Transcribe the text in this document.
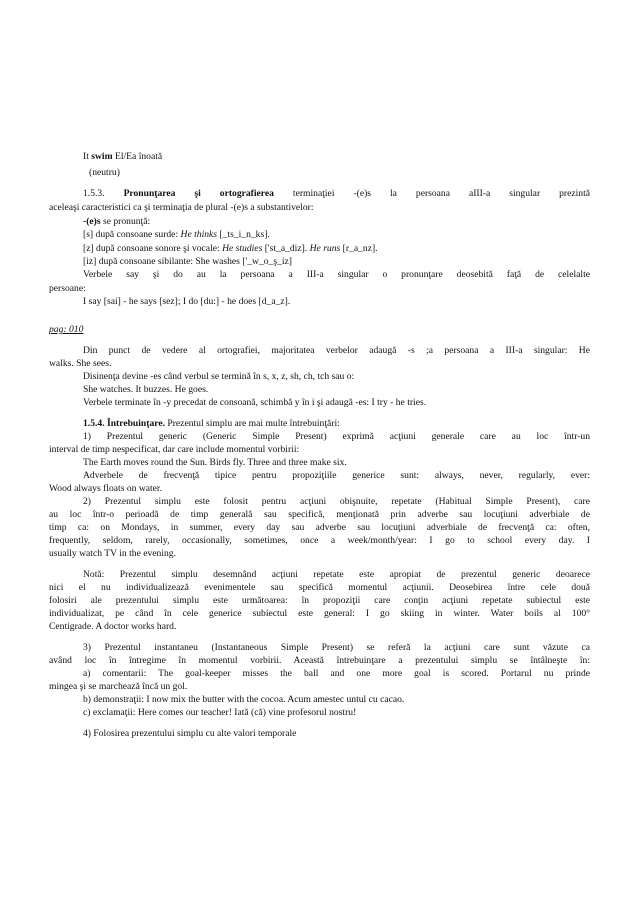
It swim El/Ea înoată
(neutru)
1.5.3. Pronunţarea şi ortografierea terminaţiei -(e)s la persoana aIII-a singular prezintă
aceleaşi caracteristici ca şi terminaţia de plural -(e)s a substantivelor:
-(e)s se pronunţă:
[s] după consoane surde: He thinks [_ts_i_n_ks].
[z] după consoane sonore şi vocale: He studies ['st_a_diz]. He runs [r_a_nz].
[iz] după consoane sibilante: She washes ['_w_o_ş_iz]
Verbele say şi do au la persoana a III-a singular o pronunţare deosebită faţă de celelalte
persoane:
I say [sai] - he says [sez]; I do [du:] - he does [d_a_z].
pag: 010
Din punct de vedere al ortografiei, majoritatea verbelor adaugă -s ;a persoana a III-a singular: He
walks. She sees.
Disinenţa devine -es când verbul se termină în s, x, z, sh, ch, tch sau o:
She watches. It buzzes. He goes.
Verbele terminate în -y precedat de consoană, schimbă y în i şi adaugă -es: I try - he tries.
1.5.4. Întrebuinţare. Prezentul simplu are mai multe întrebuinţări:
1) Prezentul generic (Generic Simple Present) exprimă acţiuni generale care au loc într-un
interval de timp nespecificat, dar care include momentul vorbirii:
The Earth moves round the Sun. Birds fly. Three and three make six.
Adverbele de frecvenţă tipice pentru propoziţiile generice sunt: always, never, regularly, ever:
Wood always floats on water.
2) Prezentul simplu este folosit pentru acţiuni obişnuite, repetate (Habitual Simple Present), care
au loc într-o perioadă de timp generală sau specifică, menţionată prin adverbe sau locuţiuni adverbiale de
timp ca: on Mondays, in summer, every day sau adverbe sau locuţiuni adverbiale de frecvenţă ca: often,
frequently, seldom, rarely, occasionally, sometimes, once a week/month/year: I go to school every day. I
usually watch TV in the evening.
Notă: Prezentul simplu desemnând acţiuni repetate este apropiat de prezentul generic deoarece
nici el nu individualizează evenimentele sau specifică momentul acţiunii. Deosebirea între cele două
folosiri ale prezentului simplu este următoarea: în propoziţii care conţin acţiuni repetate subiectul este
individualizat, pe când în cele generice subiectul este general: I go skiing in winter. Water boils al 100°
Centigrade. A doctor works hard.
3) Prezentul instantaneu (Instantaneous Simple Present) se referă la acţiuni care sunt văzute ca
având loc în întregime în momentul vorbirii. Această întrebuinţare a prezentului simplu se întâlneşte în:
a) comentarii: The goal-keeper misses the ball and one more goal is scored. Portarul nu prinde
mingea şi se marchează încă un gol.
b) demonstraţii: I now mix the butter with the cocoa. Acum amestec untul cu cacao.
c) exclamaţii: Here comes our teacher! Iată (că) vine profesorul nostru!
4) Folosirea prezentului simplu cu alte valori temporale
